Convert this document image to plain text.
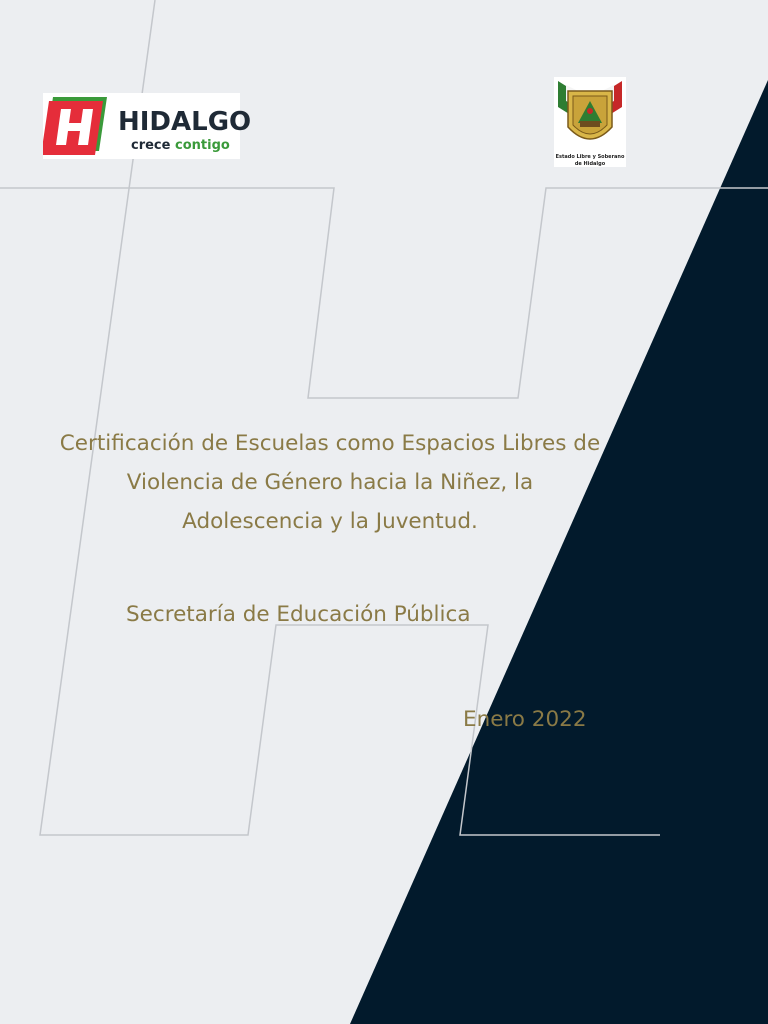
HIDALGO
crece contigo
Estado Libre y Soberano
de Hidalgo
Certificación de Escuelas como Espacios Libres de
Violencia de Género hacia la Niñez, la
Adolescencia y la Juventud.
Secretaría de Educación Pública
Enero 2022
